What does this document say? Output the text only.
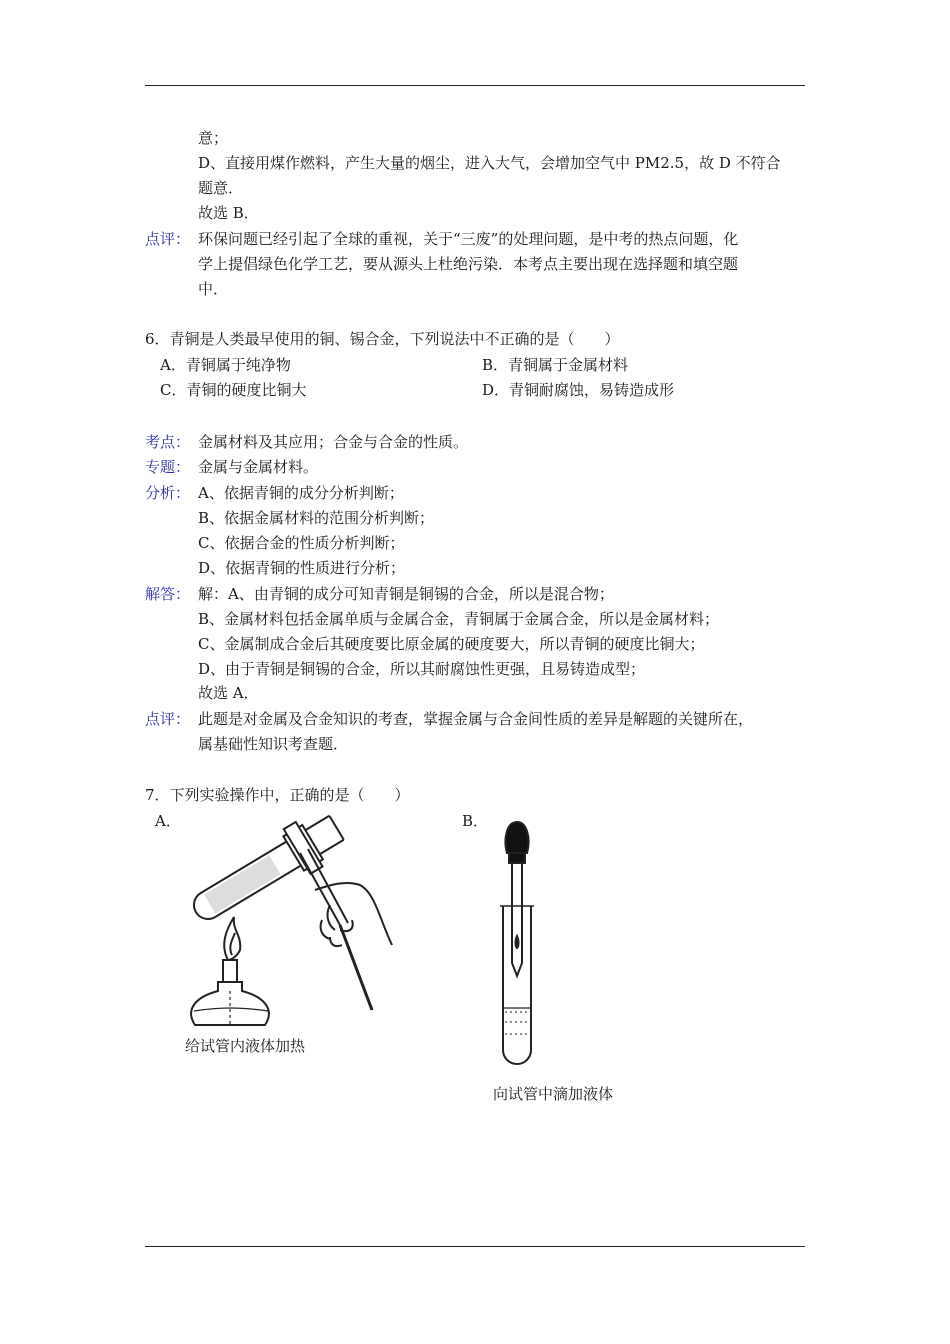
意；
D、直接用煤作燃料，产生大量的烟尘，进入大气，会增加空气中 PM2.5，故 D 不符合
题意．
故选 B．
点评： 环保问题已经引起了全球的重视，关于“三废”的处理问题，是中考的热点问题，化
学上提倡绿色化学工艺，要从源头上杜绝污染．本考点主要出现在选择题和填空题
中．
6．青铜是人类最早使用的铜、锡合金，下列说法中不正确的是（　　）
A．青铜属于纯净物	B．青铜属于金属材料
C．青铜的硬度比铜大	D．青铜耐腐蚀，易铸造成形
考点： 金属材料及其应用；合金与合金的性质。
专题： 金属与金属材料。
分析： A、依据青铜的成分分析判断；
B、依据金属材料的范围分析判断；
C、依据合金的性质分析判断；
D、依据青铜的性质进行分析；
解答： 解：A、由青铜的成分可知青铜是铜锡的合金，所以是混合物；
B、金属材料包括金属单质与金属合金，青铜属于金属合金，所以是金属材料；
C、金属制成合金后其硬度要比原金属的硬度要大，所以青铜的硬度比铜大；
D、由于青铜是铜锡的合金，所以其耐腐蚀性更强，且易铸造成型；
故选 A．
点评： 此题是对金属及合金知识的考查，掌握金属与合金间性质的差异是解题的关键所在，
属基础性知识考查题．
7．下列实验操作中，正确的是（　　）
A．	B．
给试管内液体加热
向试管中滴加液体
